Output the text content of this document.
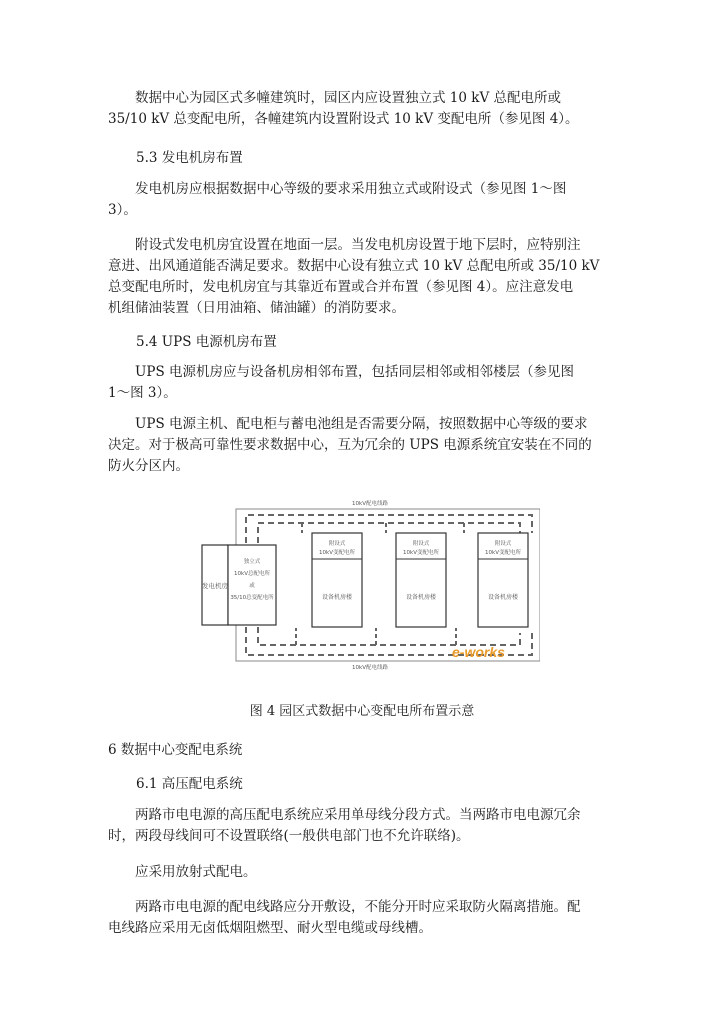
数据中心为园区式多幢建筑时，园区内应设置独立式 10 kV 总配电所或
35/10 kV 总变配电所，各幢建筑内设置附设式 10 kV 变配电所（参见图 4）。

5.3 发电机房布置

发电机房应根据数据中心等级的要求采用独立式或附设式（参见图 1～图
3）。

附设式发电机房宜设置在地面一层。当发电机房设置于地下层时，应特别注
意进、出风通道能否满足要求。数据中心设有独立式 10 kV 总配电所或 35/10 kV
总变配电所时，发电机房宜与其靠近布置或合并布置（参见图 4）。应注意发电
机组储油装置（日用油箱、储油罐）的消防要求。

5.4 UPS 电源机房布置

UPS 电源机房应与设备机房相邻布置，包括同层相邻或相邻楼层（参见图
1～图 3）。

UPS 电源主机、配电柜与蓄电池组是否需要分隔，按照数据中心等级的要求
决定。对于极高可靠性要求数据中心，互为冗余的 UPS 电源系统宜安装在不同的
防火分区内。

发电机房
独立式
10kV总配电所
或
35/10总变配电所
附设式
10kV变配电所
设备机房楼
附设式
10kV变配电所
设备机房楼
附设式
10kV变配电所
设备机房楼
10kV配电线路
10kV配电线路
e-works
图 4 园区式数据中心变配电所布置示意
6 数据中心变配电系统
6.1 高压配电系统

两路市电电源的高压配电系统应采用单母线分段方式。当两路市电电源冗余
时，两段母线间可不设置联络(一般供电部门也不允许联络)。

应采用放射式配电。

两路市电电源的配电线路应分开敷设，不能分开时应采取防火隔离措施。配
电线路应采用无卤低烟阻燃型、耐火型电缆或母线槽。
